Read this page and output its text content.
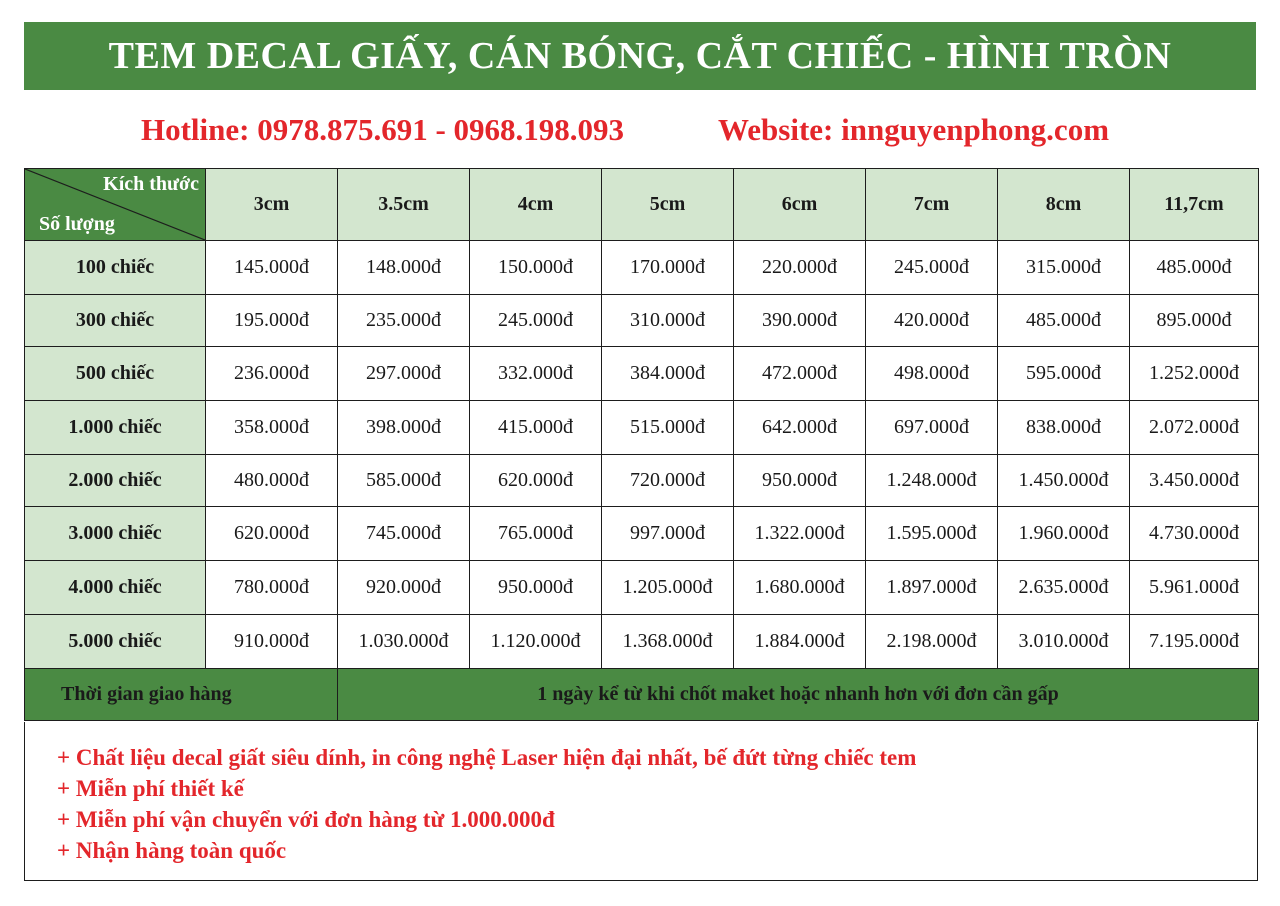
TEM DECAL GIẤY, CÁN BÓNG, CẮT CHIẾC - HÌNH TRÒN
Hotline: 0978.875.691 - 0968.198.093	Website: innguyenphong.com
Kích thước
Số lượng	3cm	3.5cm	4cm	5cm	6cm	7cm	8cm	11,7cm
100 chiếc	145.000đ	148.000đ	150.000đ	170.000đ	220.000đ	245.000đ	315.000đ	485.000đ
300 chiếc	195.000đ	235.000đ	245.000đ	310.000đ	390.000đ	420.000đ	485.000đ	895.000đ
500 chiếc	236.000đ	297.000đ	332.000đ	384.000đ	472.000đ	498.000đ	595.000đ	1.252.000đ
1.000 chiếc	358.000đ	398.000đ	415.000đ	515.000đ	642.000đ	697.000đ	838.000đ	2.072.000đ
2.000 chiếc	480.000đ	585.000đ	620.000đ	720.000đ	950.000đ	1.248.000đ	1.450.000đ	3.450.000đ
3.000 chiếc	620.000đ	745.000đ	765.000đ	997.000đ	1.322.000đ	1.595.000đ	1.960.000đ	4.730.000đ
4.000 chiếc	780.000đ	920.000đ	950.000đ	1.205.000đ	1.680.000đ	1.897.000đ	2.635.000đ	5.961.000đ
5.000 chiếc	910.000đ	1.030.000đ	1.120.000đ	1.368.000đ	1.884.000đ	2.198.000đ	3.010.000đ	7.195.000đ
Thời gian giao hàng		1 ngày kể từ khi chốt maket hoặc nhanh hơn với đơn cần gấp						
+ Chất liệu decal giất siêu dính, in công nghệ Laser hiện đại nhất, bế đứt từng chiếc tem
+ Miễn phí thiết kế
+ Miễn phí vận chuyển với đơn hàng từ 1.000.000đ
+ Nhận hàng toàn quốc
